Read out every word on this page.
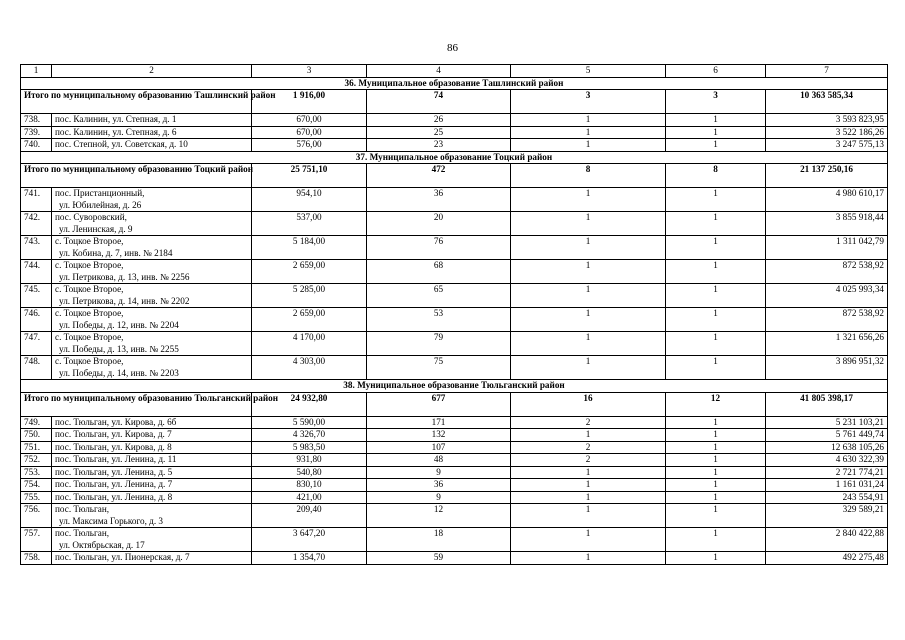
86
1	2	3	4	5	6	7
36. Муниципальное образование Ташлинский район						
Итого по муниципальному образованию Ташлинский район		1 916,00	74	3	3	10 363 585,34
738.	пос. Калинин, ул. Степная, д. 1	670,00	26	1	1	3 593 823,95
739.	пос. Калинин, ул. Степная, д. 6	670,00	25	1	1	3 522 186,26
740.	пос. Степной, ул. Советская, д. 10	576,00	23	1	1	3 247 575,13
37. Муниципальное образование Тоцкий район						
Итого по муниципальному образованию Тоцкий район		25 751,10	472	8	8	21 137 250,16
741.	пос. Пристанционный,
ул. Юбилейная, д. 26	954,10	36	1	1	4 980 610,17
742.	пос. Суворовский,
ул. Ленинская, д. 9	537,00	20	1	1	3 855 918,44
743.	с. Тоцкое Второе,
ул. Кобина, д. 7, инв. № 2184	5 184,00	76	1	1	1 311 042,79
744.	с. Тоцкое Второе,
ул. Петрикова, д. 13, инв. № 2256	2 659,00	68	1	1	872 538,92
745.	с. Тоцкое Второе,
ул. Петрикова, д. 14, инв. № 2202	5 285,00	65	1	1	4 025 993,34
746.	с. Тоцкое Второе,
ул. Победы, д. 12, инв. № 2204	2 659,00	53	1	1	872 538,92
747.	с. Тоцкое Второе,
ул. Победы, д. 13, инв. № 2255	4 170,00	79	1	1	1 321 656,26
748.	с. Тоцкое Второе,
ул. Победы, д. 14, инв. № 2203	4 303,00	75	1	1	3 896 951,32
38. Муниципальное образование Тюльганский район						
Итого по муниципальному образованию Тюльганский район		24 932,80	677	16	12	41 805 398,17
749.	пос. Тюльган, ул. Кирова, д. 6б	5 590,00	171	2	1	5 231 103,21
750.	пос. Тюльган, ул. Кирова, д. 7	4 326,70	132	1	1	5 761 449,74
751.	пос. Тюльган, ул. Кирова, д. 8	5 983,50	107	2	1	12 638 105,26
752.	пос. Тюльган, ул. Ленина, д. 11	931,80	48	2	1	4 630 322,39
753.	пос. Тюльган, ул. Ленина, д. 5	540,80	9	1	1	2 721 774,21
754.	пос. Тюльган, ул. Ленина, д. 7	830,10	36	1	1	1 161 031,24
755.	пос. Тюльган, ул. Ленина, д. 8	421,00	9	1	1	243 554,91
756.	пос. Тюльган,
ул. Максима Горького, д. 3	209,40	12	1	1	329 589,21
757.	пос. Тюльган,
ул. Октябрьская, д. 17	3 647,20	18	1	1	2 840 422,88
758.	пос. Тюльган, ул. Пионерская, д. 7	1 354,70	59	1	1	492 275,48
